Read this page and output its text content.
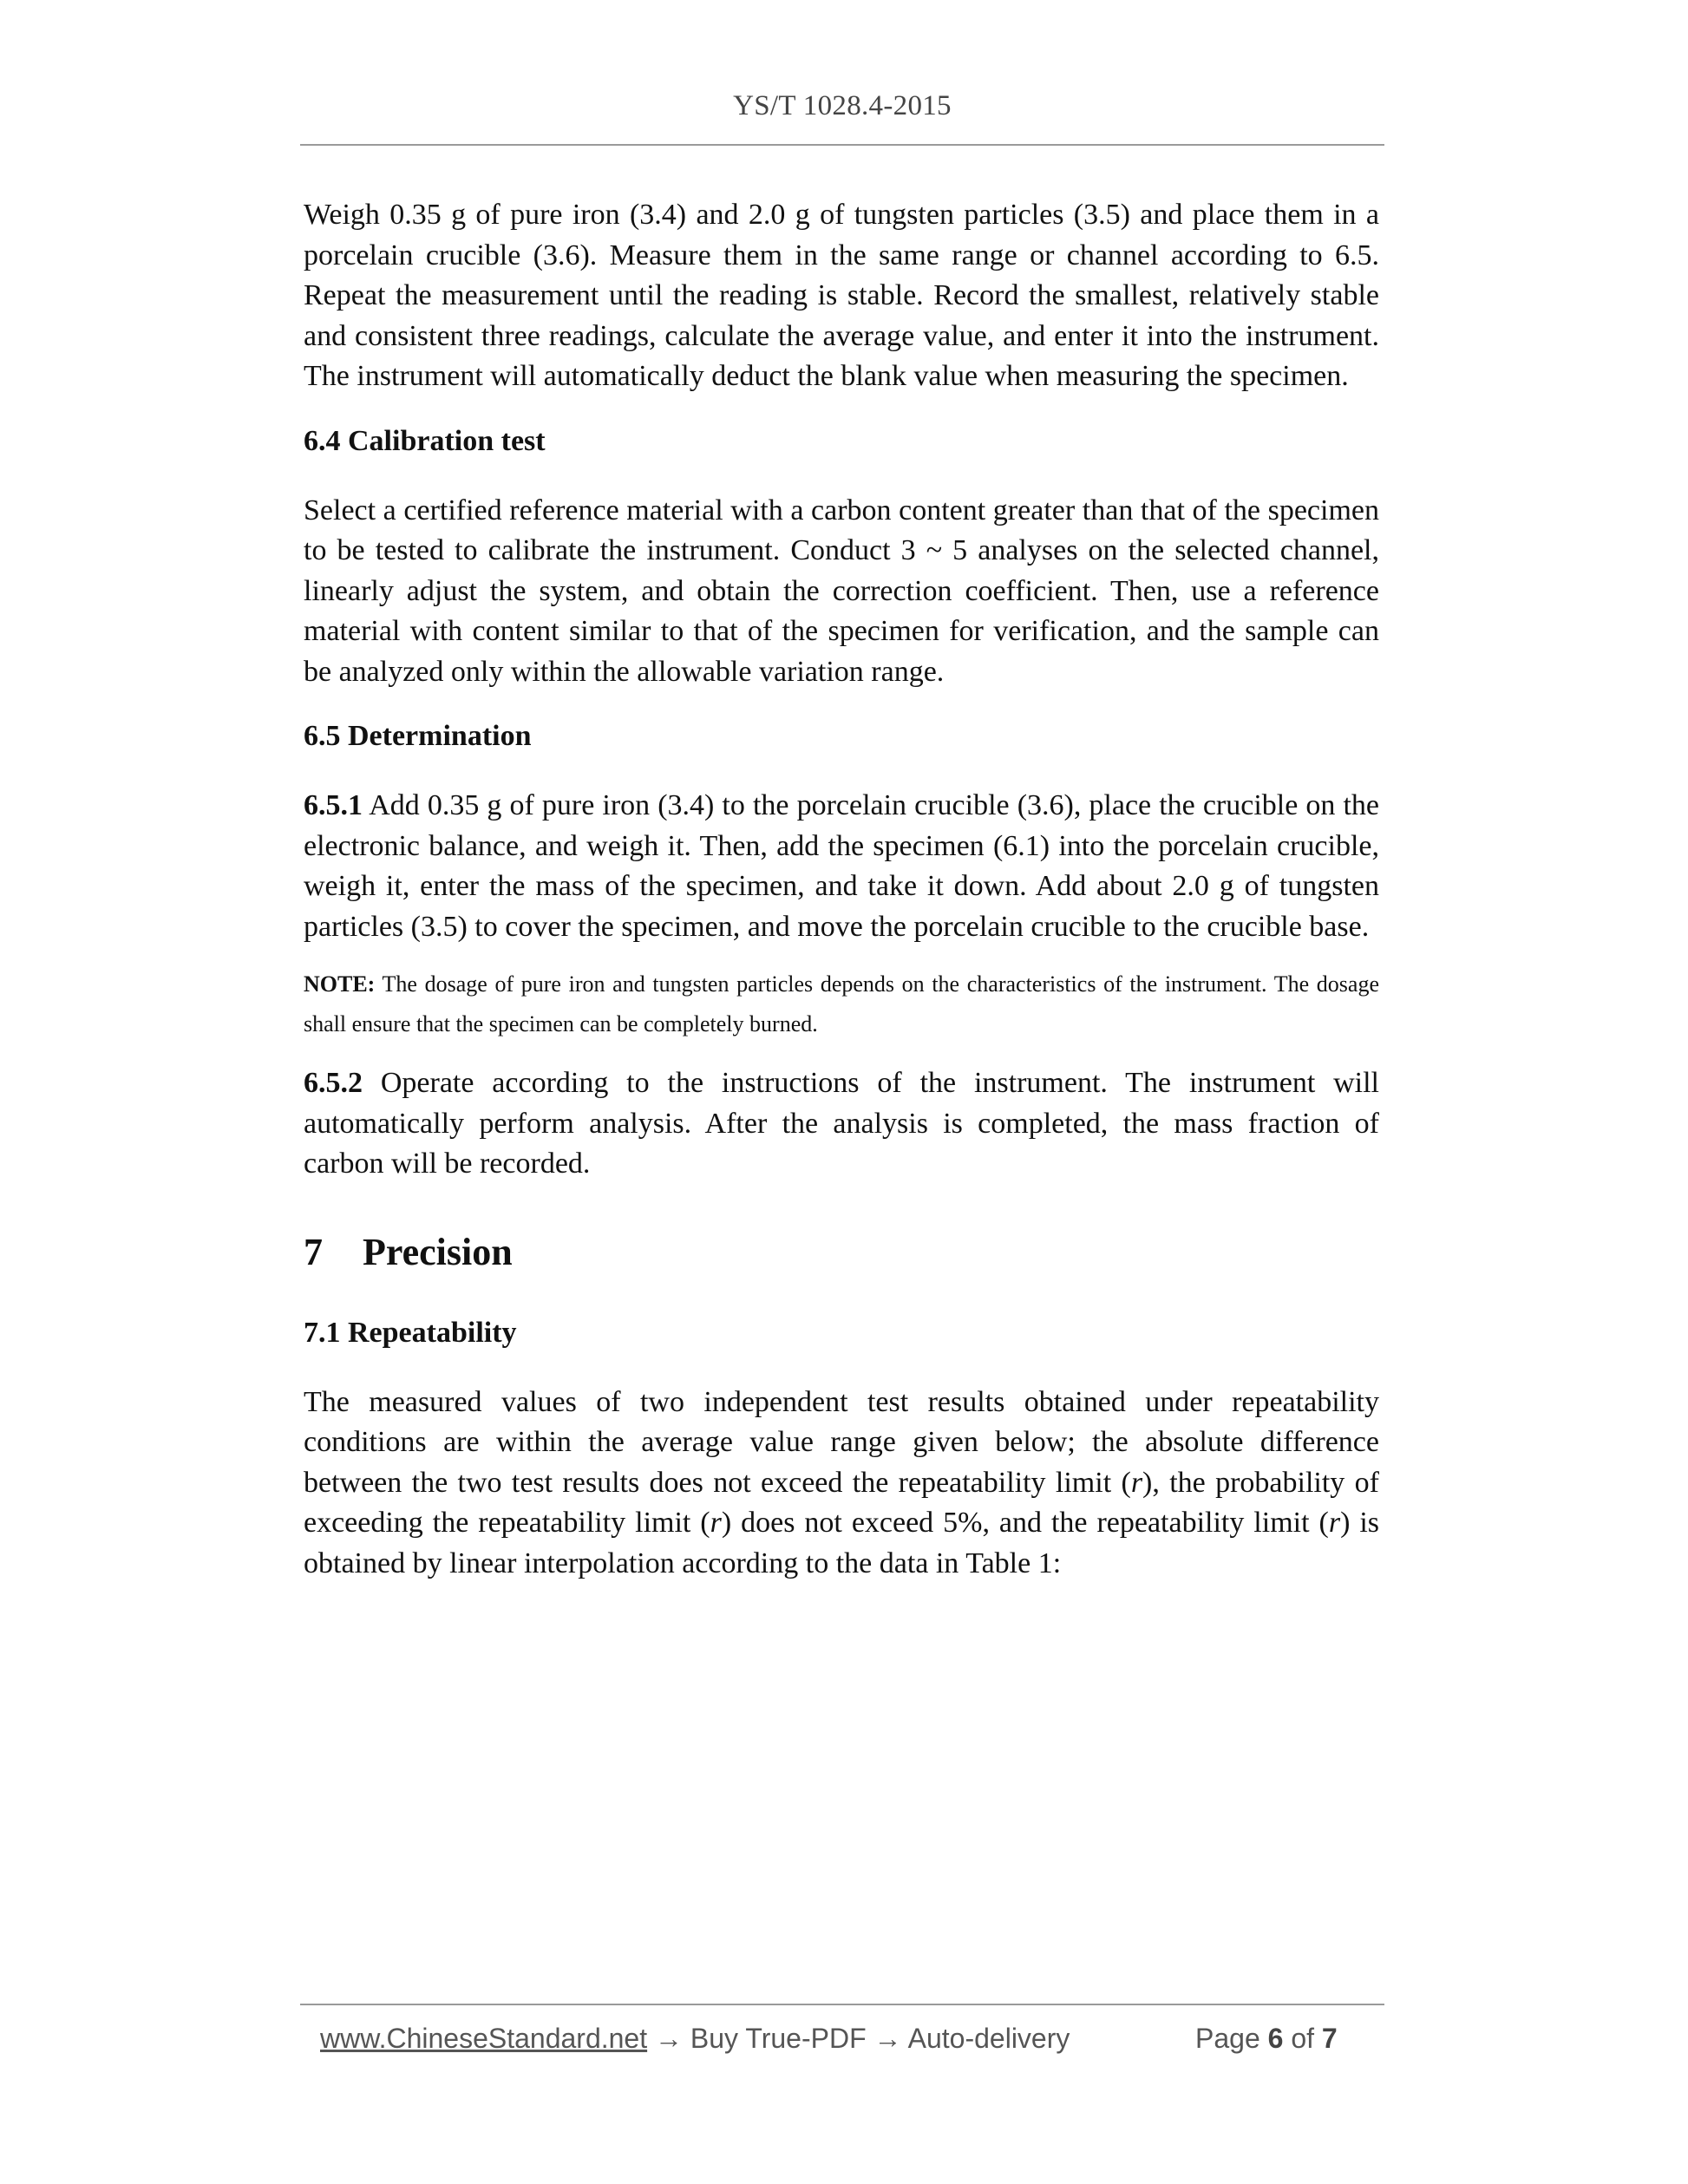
YS/T 1028.4-2015

Weigh 0.35 g of pure iron (3.4) and 2.0 g of tungsten particles (3.5) and place them in a porcelain crucible (3.6). Measure them in the same range or channel according to 6.5. Repeat the measurement until the reading is stable. Record the smallest, relatively stable and consistent three readings, calculate the average value, and enter it into the instrument. The instrument will automatically deduct the blank value when measuring the specimen.

6.4 Calibration test

Select a certified reference material with a carbon content greater than that of the specimen to be tested to calibrate the instrument. Conduct 3 ~ 5 analyses on the selected channel, linearly adjust the system, and obtain the correction coefficient. Then, use a reference material with content similar to that of the specimen for verification, and the sample can be analyzed only within the allowable variation range.

6.5 Determination

6.5.1 Add 0.35 g of pure iron (3.4) to the porcelain crucible (3.6), place the crucible on the electronic balance, and weigh it. Then, add the specimen (6.1) into the porcelain crucible, weigh it, enter the mass of the specimen, and take it down. Add about 2.0 g of tungsten particles (3.5) to cover the specimen, and move the porcelain crucible to the crucible base.

NOTE: The dosage of pure iron and tungsten particles depends on the characteristics of the instrument. The dosage shall ensure that the specimen can be completely burned.

6.5.2 Operate according to the instructions of the instrument. The instrument will automatically perform analysis. After the analysis is completed, the mass fraction of carbon will be recorded.

7 Precision

7.1 Repeatability

The measured values of two independent test results obtained under repeatability conditions are within the average value range given below; the absolute difference between the two test results does not exceed the repeatability limit (r), the probability of exceeding the repeatability limit (r) does not exceed 5%, and the repeatability limit (r) is obtained by linear interpolation according to the data in Table 1:

www.ChineseStandard.net → Buy True-PDF → Auto-delivery	Page 6 of 7
